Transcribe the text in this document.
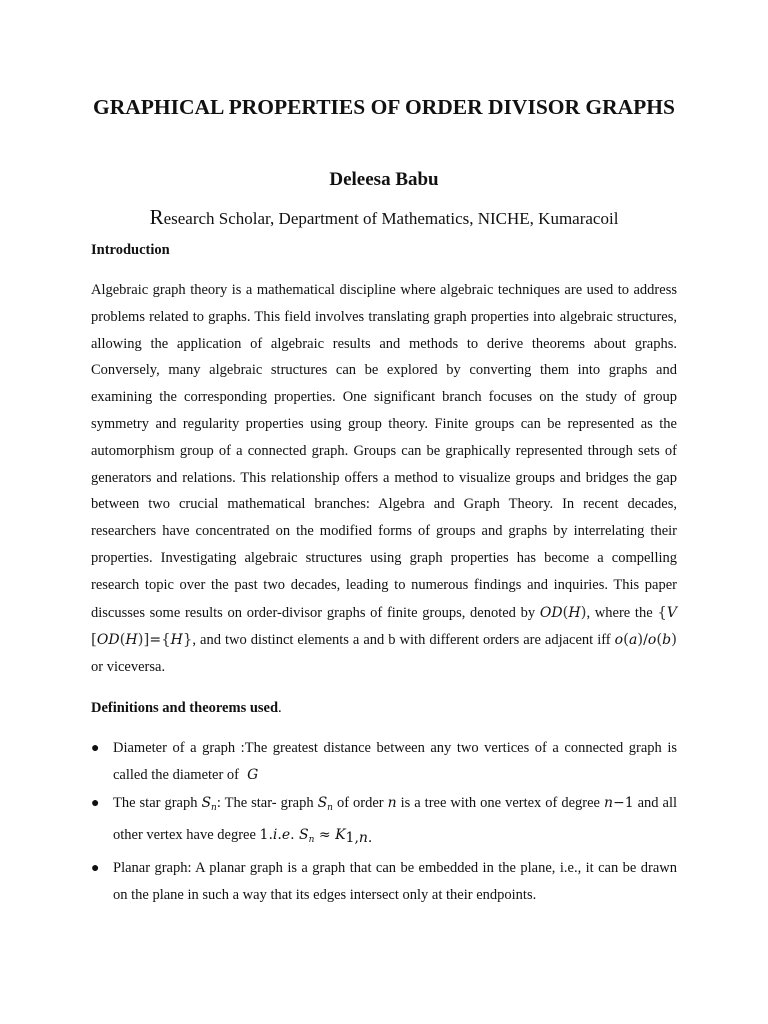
GRAPHICAL PROPERTIES OF ORDER DIVISOR GRAPHS

Deleesa Babu

Research Scholar, Department of Mathematics, NICHE, Kumaracoil

Introduction

Algebraic graph theory is a mathematical discipline where algebraic techniques are used to address problems related to graphs. This field involves translating graph properties into algebraic structures, allowing the application of algebraic results and methods to derive theorems about graphs. Conversely, many algebraic structures can be explored by converting them into graphs and examining the corresponding properties. One significant branch focuses on the study of group symmetry and regularity properties using group theory. Finite groups can be represented as the automorphism group of a connected graph. Groups can be graphically represented through sets of generators and relations. This relationship offers a method to visualize groups and bridges the gap between two crucial mathematical branches: Algebra and Graph Theory. In recent decades, researchers have concentrated on the modified forms of groups and graphs by interrelating their properties. Investigating algebraic structures using graph properties has become a compelling research topic over the past two decades, leading to numerous findings and inquiries. This paper discusses some results on order-divisor graphs of finite groups, denoted by OD(H), where the {V [OD(H)]={H}, and two distinct elements a and b with different orders are adjacent iff o(a)/o(b) or viceversa.

Definitions and theorems used.

● Diameter of a graph :The greatest distance between any two vertices of a connected graph is called the diameter of  G
● The star graph $S_n$: The star- graph $S_n$ of order n is a tree with one vertex of degree n−1 and all other vertex have degree 1.i.e. $S_n \approx K_{1,n.}$
● Planar graph: A planar graph is a graph that can be embedded in the plane, i.e., it can be drawn on the plane in such a way that its edges intersect only at their endpoints.
